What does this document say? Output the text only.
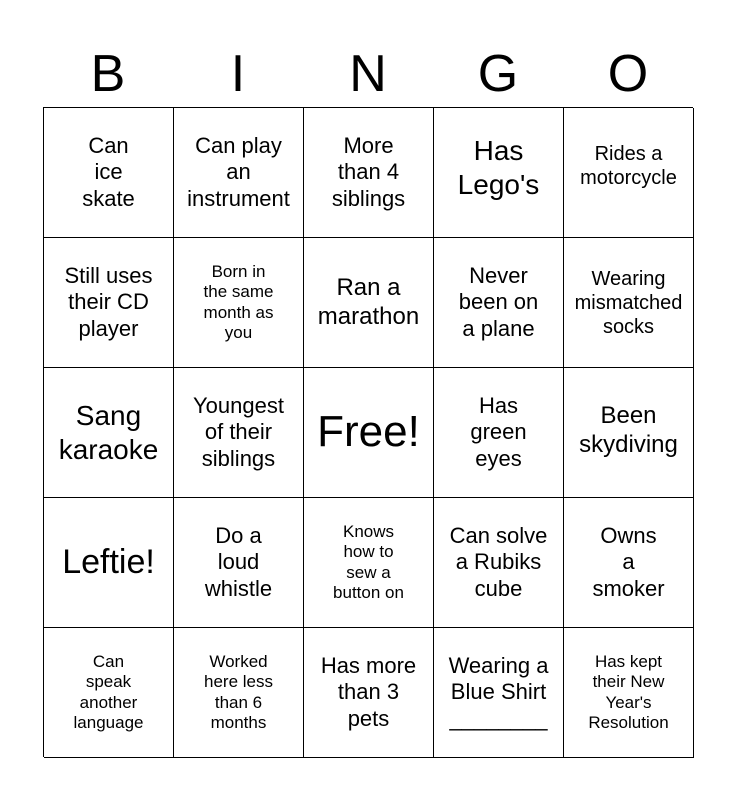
B	I	N	G	O
Can
ice
skate
Can play
an
instrument
More
than 4
siblings
Has
Lego's
Rides a
motorcycle
Still uses
their CD
player
Born in
the same
month as
you
Ran a
marathon
Never
been on
a plane
Wearing
mismatched
socks
Sang
karaoke
Youngest
of their
siblings
Free!
Has
green
eyes
Been
skydiving
Leftie!
Do a
loud
whistle
Knows
how to
sew a
button on
Can solve
a Rubiks
cube
Owns
a
smoker
Can
speak
another
language
Worked
here less
than 6
months
Has more
than 3
pets
Wearing a
Blue Shirt
________
Has kept
their New
Year's
Resolution
